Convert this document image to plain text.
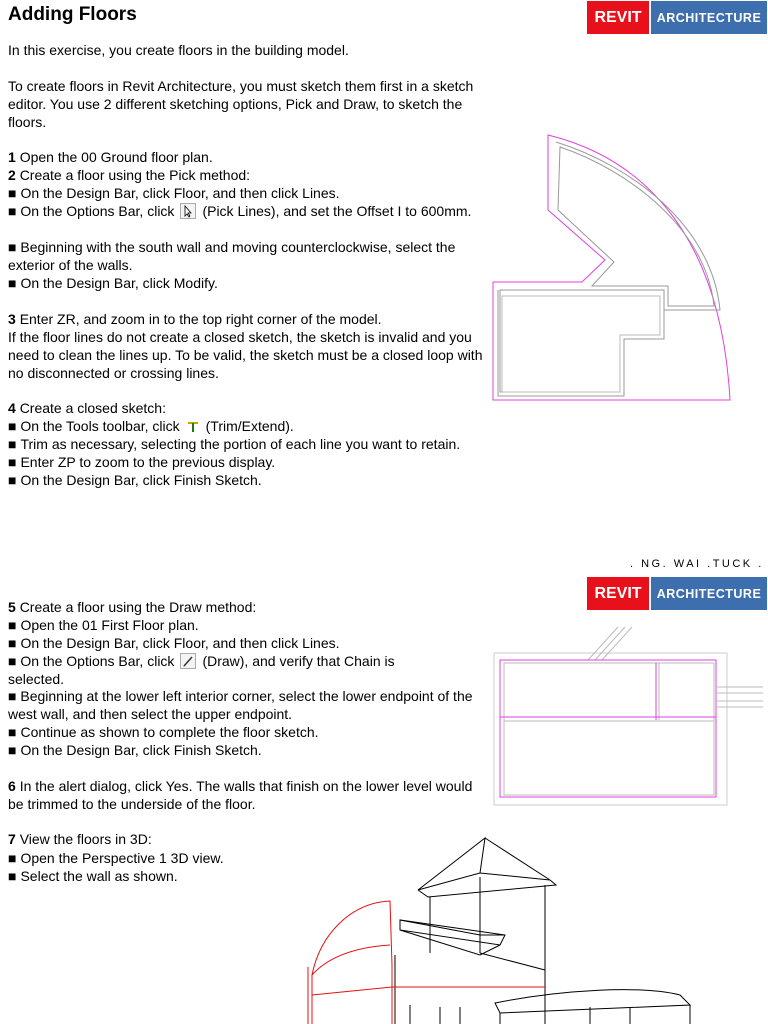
Adding Floors	REVIT	ARCHITECTURE
In this exercise, you create floors in the building model.
To create floors in Revit Architecture, you must sketch them first in a sketch editor. You use 2 different sketching options, Pick and Draw, to sketch the floors.
1 Open the 00 Ground floor plan.
2 Create a floor using the Pick method:
■ On the Design Bar, click Floor, and then click Lines.
■ On the Options Bar, click (Pick Lines), and set the Offset I to 600mm.
■ Beginning with the south wall and moving counterclockwise, select the exterior of the walls.
■ On the Design Bar, click Modify.
3 Enter ZR, and zoom in to the top right corner of the model.
If the floor lines do not create a closed sketch, the sketch is invalid and you need to clean the lines up. To be valid, the sketch must be a closed loop with no disconnected or crossing lines.
4 Create a closed sketch:
■ On the Tools toolbar, click (Trim/Extend).
■ Trim as necessary, selecting the portion of each line you want to retain.
■ Enter ZP to zoom to the previous display.
■ On the Design Bar, click Finish Sketch.
. NG. WAI .TUCK .
REVIT	ARCHITECTURE
5 Create a floor using the Draw method:
■ Open the 01 First Floor plan.
■ On the Design Bar, click Floor, and then click Lines.
■ On the Options Bar, click (Draw), and verify that Chain is selected.
■ Beginning at the lower left interior corner, select the lower endpoint of the west wall, and then select the upper endpoint.
■ Continue as shown to complete the floor sketch.
■ On the Design Bar, click Finish Sketch.
6 In the alert dialog, click Yes. The walls that finish on the lower level would be trimmed to the underside of the floor.
7 View the floors in 3D:
■ Open the Perspective 1 3D view.
■ Select the wall as shown.
